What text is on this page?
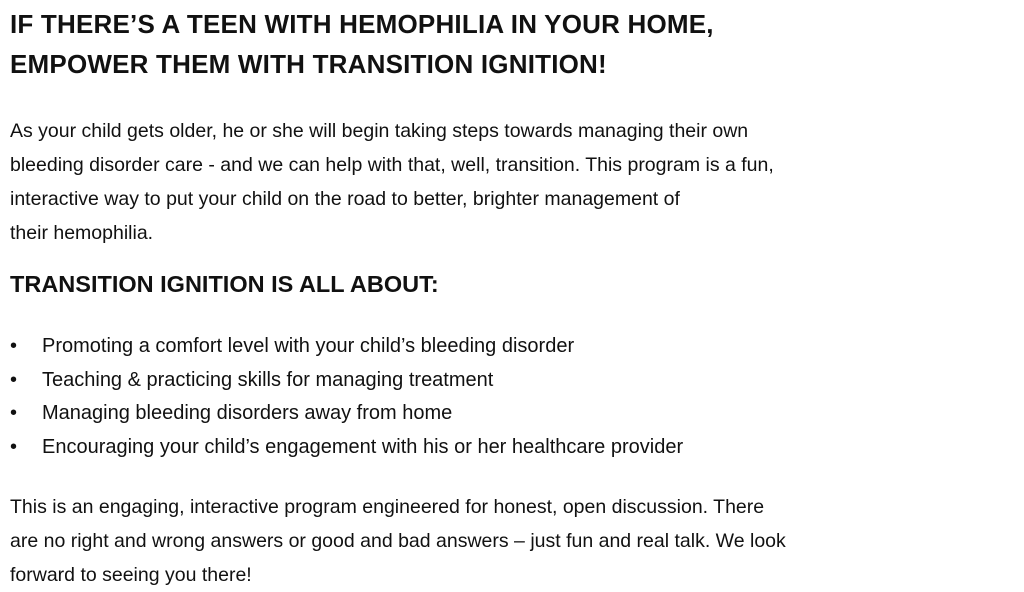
IF THERE’S A TEEN WITH HEMOPHILIA IN YOUR HOME,
EMPOWER THEM WITH TRANSITION IGNITION!

As your child gets older, he or she will begin taking steps towards managing their own
bleeding disorder care - and we can help with that, well, transition. This program is a fun,
interactive way to put your child on the road to better, brighter management of
their hemophilia.

TRANSITION IGNITION IS ALL ABOUT:
• Promoting a comfort level with your child’s bleeding disorder
• Teaching & practicing skills for managing treatment
• Managing bleeding disorders away from home
• Encouraging your child’s engagement with his or her healthcare provider

This is an engaging, interactive program engineered for honest, open discussion. There
are no right and wrong answers or good and bad answers – just fun and real talk. We look
forward to seeing you there!
